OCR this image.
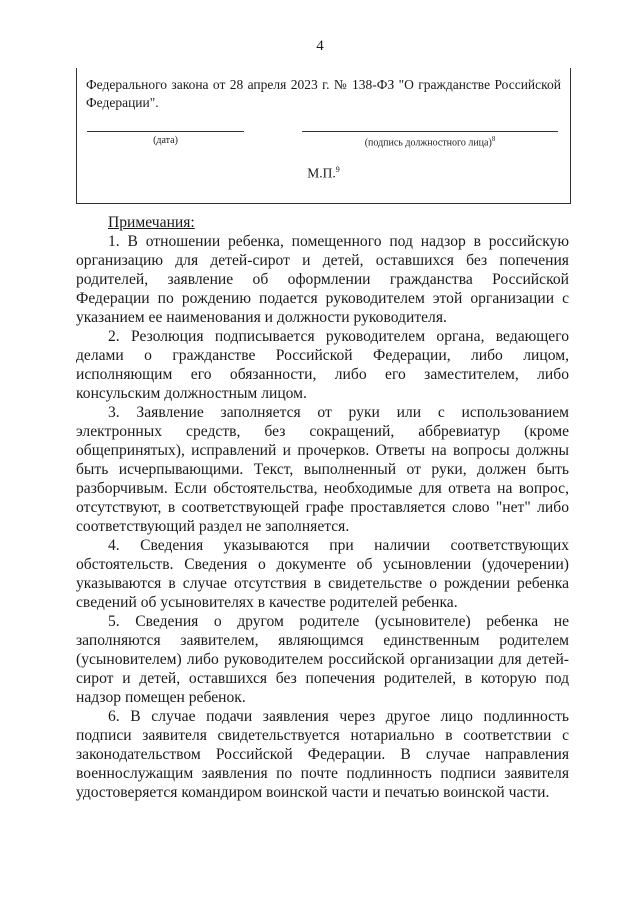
4
Федерального закона от 28 апреля 2023 г. № 138-ФЗ "О гражданстве Российской Федерации".
(дата)	(подпись должностного лица)$^8$
М.П.$^9$

Примечания:

1. В отношении ребенка, помещенного под надзор в российскую организацию для детей-сирот и детей, оставшихся без попечения родителей, заявление об оформлении гражданства Российской Федерации по рождению подается руководителем этой организации с указанием ее наименования и должности руководителя.

2. Резолюция подписывается руководителем органа, ведающего делами о гражданстве Российской Федерации, либо лицом, исполняющим его обязанности, либо его заместителем, либо консульским должностным лицом.

3. Заявление заполняется от руки или с использованием электронных средств, без сокращений, аббревиатур (кроме общепринятых), исправлений и прочерков. Ответы на вопросы должны быть исчерпывающими. Текст, выполненный от руки, должен быть разборчивым. Если обстоятельства, необходимые для ответа на вопрос, отсутствуют, в соответствующей графе проставляется слово "нет" либо соответствующий раздел не заполняется.

4. Сведения указываются при наличии соответствующих обстоятельств. Сведения о документе об усыновлении (удочерении) указываются в случае отсутствия в свидетельстве о рождении ребенка сведений об усыновителях в качестве родителей ребенка.

5. Сведения о другом родителе (усыновителе) ребенка не заполняются заявителем, являющимся единственным родителем (усыновителем) либо руководителем российской организации для детей-сирот и детей, оставшихся без попечения родителей, в которую под надзор помещен ребенок.

6. В случае подачи заявления через другое лицо подлинность подписи заявителя свидетельствуется нотариально в соответствии с законодательством Российской Федерации. В случае направления военнослужащим заявления по почте подлинность подписи заявителя удостоверяется командиром воинской части и печатью воинской части.
